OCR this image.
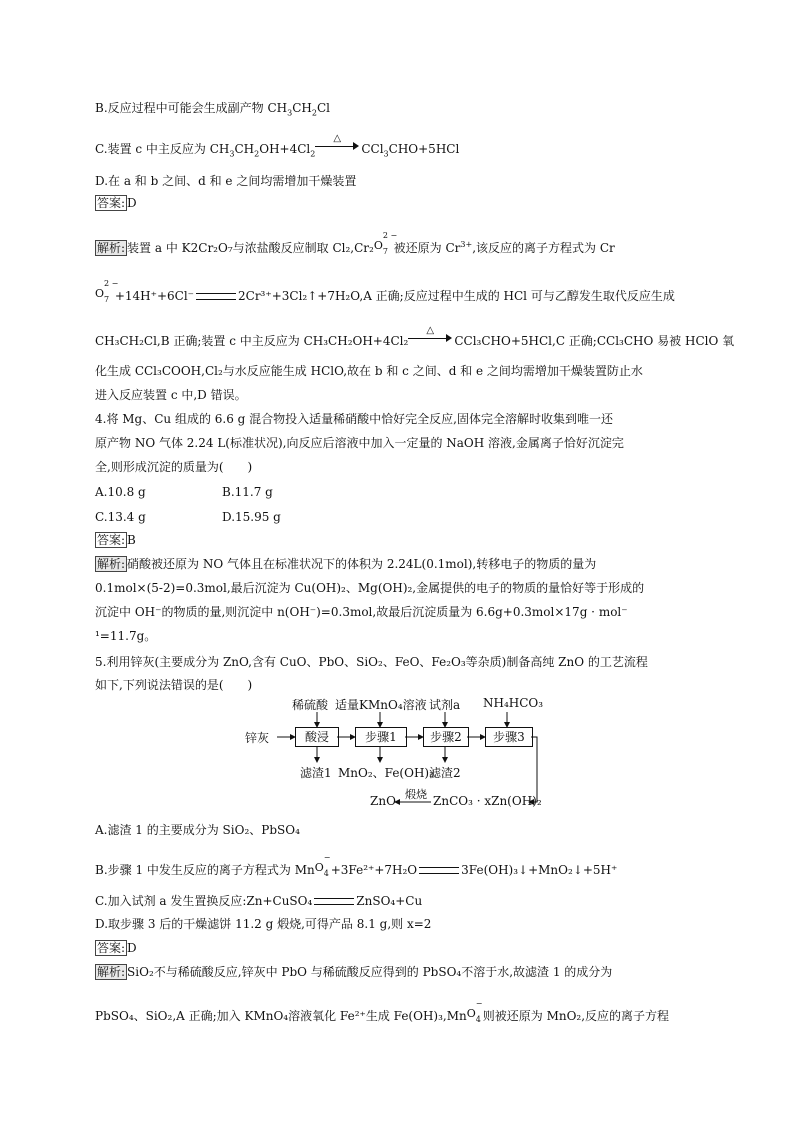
B.反应过程中可能会生成副产物 $CH_3CH_2Cl$
C.装置 c 中主反应为 $CH_3CH_2OH+4Cl_2$
△
CCl$_3$CHO+5HCl
D.在 a 和 b 之间、d 和 e 之间均需增加干燥装置
答案: D
解析: 装置 a 中 K2Cr₂O₇与浓盐酸反应制取 Cl₂,Cr₂ O
2 −
7 被还原为 $Cr^{3+}$,该反应的离子方程式为 Cr
O
2 −
7 +14H⁺+6Cl⁻	2Cr³⁺+3Cl₂↑+7H₂O,A 正确;反应过程中生成的 HCl 可与乙醇发生取代反应生成
CH₃CH₂Cl,B 正确;装置 c 中主反应为 CH₃CH₂OH+4Cl₂
△
CCl₃CHO+5HCl,C 正确;CCl₃CHO 易被 HClO 氧
化生成 CCl₃COOH,Cl₂与水反应能生成 HClO,故在 b 和 c 之间、d 和 e 之间均需增加干燥装置防止水
进入反应装置 c 中,D 错误。
4.将 Mg、Cu 组成的 6.6 g 混合物投入适量稀硝酸中恰好完全反应,固体完全溶解时收集到唯一还
原产物 NO 气体 2.24 L(标准状况),向反应后溶液中加入一定量的 NaOH 溶液,金属离子恰好沉淀完
全,则形成沉淀的质量为(　　)
A.10.8 g	B.11.7 g
C.13.4 g	D.15.95 g
答案: B
解析: 硝酸被还原为 NO 气体且在标准状况下的体积为 2.24L(0.1mol),转移电子的物质的量为
0.1mol×(5-2)=0.3mol,最后沉淀为 Cu(OH)₂、Mg(OH)₂,金属提供的电子的物质的量恰好等于形成的
沉淀中 OH⁻的物质的量,则沉淀中 n(OH⁻)=0.3mol,故最后沉淀质量为 6.6g+0.3mol×17g · mol⁻
¹=11.7g。
5.利用锌灰(主要成分为 ZnO,含有 CuO、PbO、SiO₂、FeO、Fe₂O₃等杂质)制备高纯 ZnO 的工艺流程
如下,下列说法错误的是(　　)
稀硫酸 适量KMnO₄溶液 试剂a NH₄HCO₃
锌灰	酸浸	步骤1	步骤2	步骤3
滤渣1 MnO₂、Fe(OH)₃
滤渣2
煅烧
ZnO	ZnCO₃ · xZn(OH)₂
A.滤渣 1 的主要成分为 SiO₂、PbSO₄
B.步骤 1 中发生反应的离子方程式为 Mn O
−
4 +3Fe²⁺+7H₂O	3Fe(OH)₃↓+MnO₂↓+5H⁺
C.加入试剂 a 发生置换反应:Zn+CuSO₄	ZnSO₄+Cu
D.取步骤 3 后的干燥滤饼 11.2 g 煅烧,可得产品 8.1 g,则 x=2
答案: D
解析: SiO₂不与稀硫酸反应,锌灰中 PbO 与稀硫酸反应得到的 PbSO₄不溶于水,故滤渣 1 的成分为
PbSO₄、SiO₂,A 正确;加入 KMnO₄溶液氧化 Fe²⁺生成 Fe(OH)₃,Mn O
−
4 则被还原为 MnO₂,反应的离子方程
